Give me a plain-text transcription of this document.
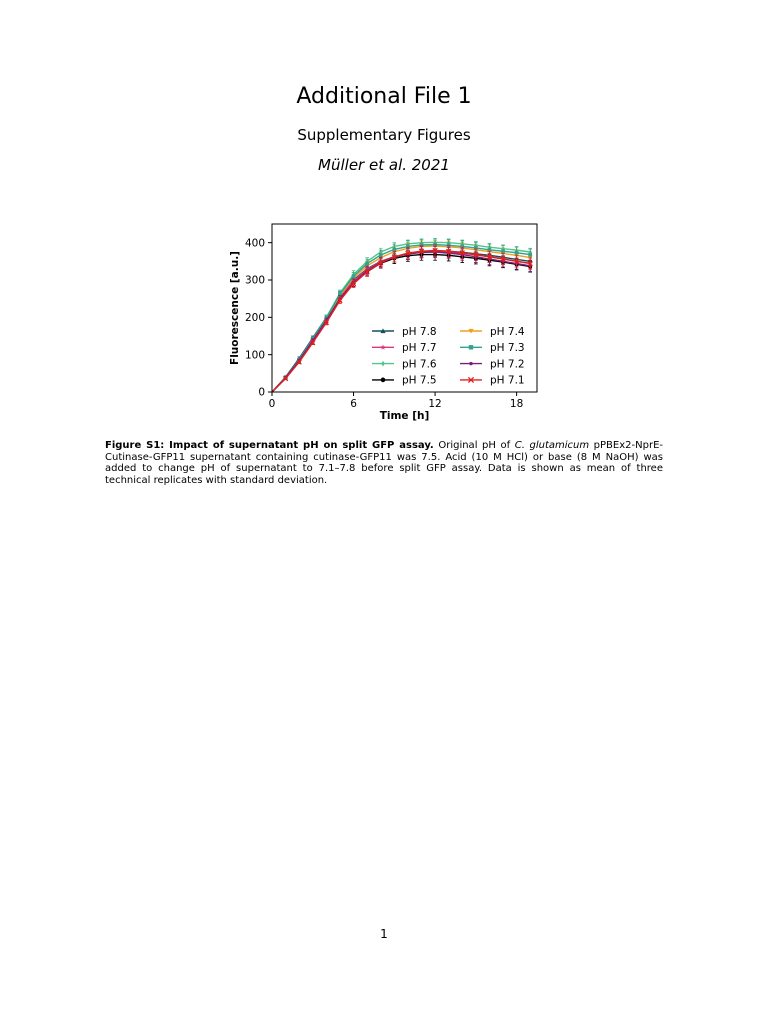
Additional File 1
Supplementary Figures
Müller et al. 2021
Time [h]
Fluorescence [a.u.]
0	6	12	18
0
100
200
300
400
pH 7.8
pH 7.7
pH 7.6
pH 7.5
pH 7.4
pH 7.3
pH 7.2
pH 7.1
Figure S1: Impact of supernatant pH on split GFP assay. Original pH of C. glutamicum pPBEx2-NprE-Cutinase-GFP11 supernatant containing cutinase-GFP11 was 7.5. Acid (10 M HCl) or base (8 M NaOH) was added to change pH of supernatant to 7.1–7.8 before split GFP assay. Data is shown as mean of three technical replicates with standard deviation.
1
